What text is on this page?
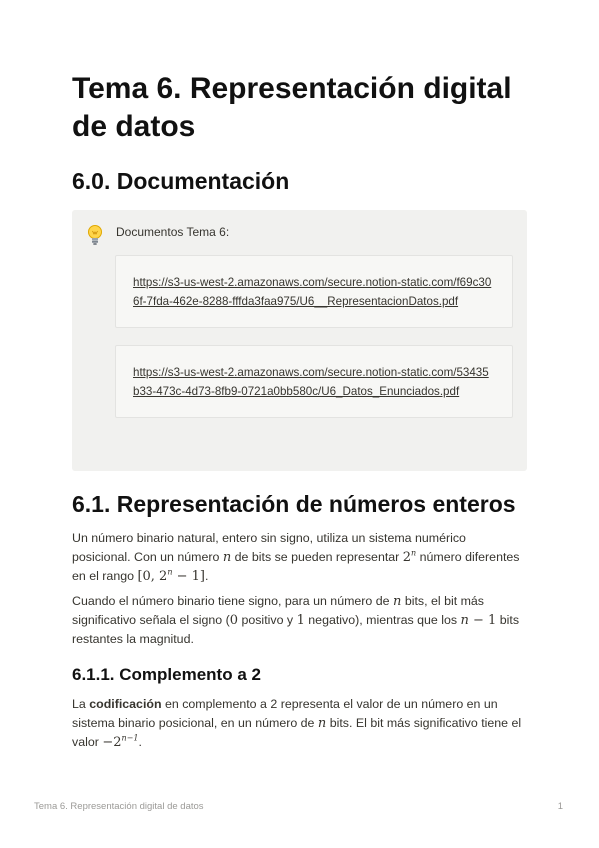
Tema 6. Representación digital de datos
6.0. Documentación
Documentos Tema 6:
https://s3-us-west-2.amazonaws.com/secure.notion-static.com/f69c306f-7fda-462e-8288-fffda3faa975/U6__RepresentacionDatos.pdf
https://s3-us-west-2.amazonaws.com/secure.notion-static.com/53435b33-473c-4d73-8fb9-0721a0bb580c/U6_Datos_Enunciados.pdf
6.1. Representación de números enteros

Un número binario natural, entero sin signo, utiliza un sistema numérico posicional. Con un número n de bits se pueden representar 2$^n$ número diferentes en el rango [0, $2^n - 1$].

Cuando el número binario tiene signo, para un número de n bits, el bit más significativo señala el signo (0 positivo y 1 negativo), mientras que los n − 1 bits restantes la magnitud.

6.1.1. Complemento a 2

La codificación en complemento a 2 representa el valor de un número en un sistema binario posicional, en un número de n bits. El bit más significativo tiene el valor $-2^{n-1}$.

Tema 6. Representación digital de datos	1
